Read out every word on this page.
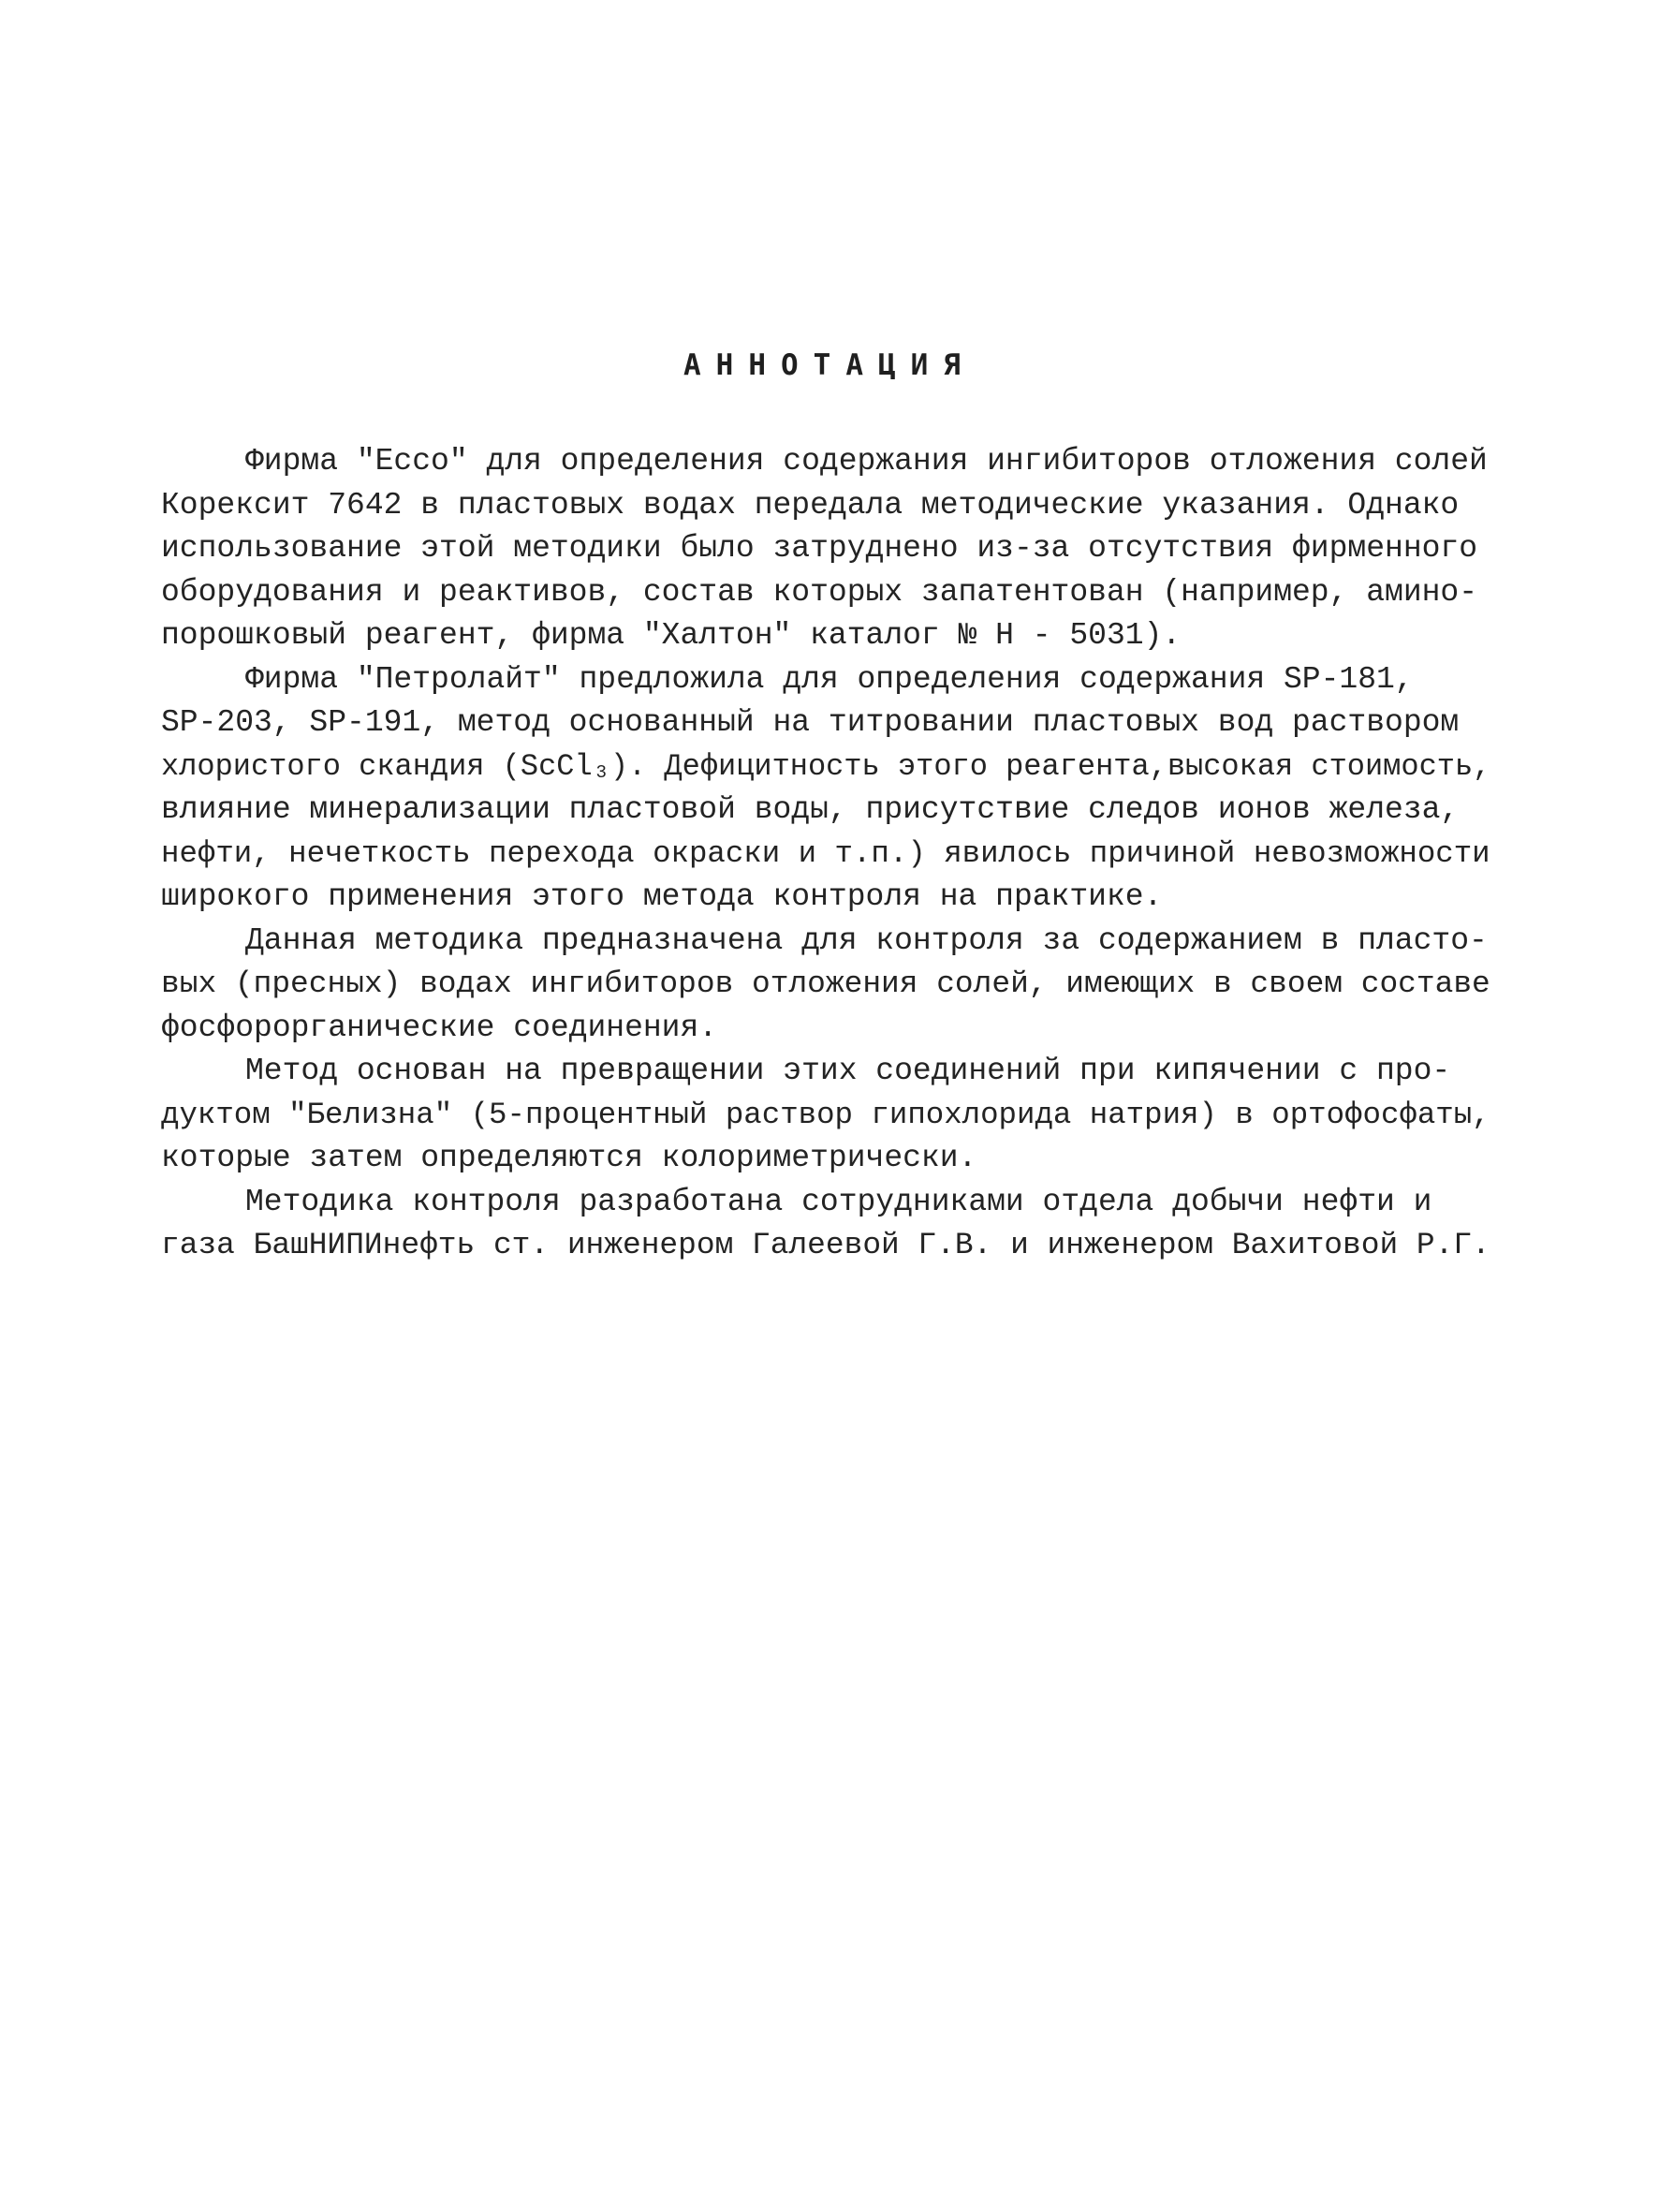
АННОТАЦИЯ
Фирма "Ессо" для определения содержания ингибиторов отложения солей
Корексит 7642 в пластовых водах передала методические указания. Однако
использование этой методики было затруднено из-за отсутствия фирменного
оборудования и реактивов, состав которых запатентован (например, амино-
порошковый реагент, фирма "Халтон" каталог № Н - 5031).
Фирма "Петролайт" предложила для определения содержания SP-181,
SP-203, SP-191, метод основанный на титровании пластовых вод раствором
хлористого скандия (ScCl₃). Дефицитность этого реагента,высокая стоимость,
влияние минерализации пластовой воды, присутствие следов ионов железа,
нефти, нечеткость перехода окраски и т.п.) явилось причиной невозможности
широкого применения этого метода контроля на практике.
Данная методика предназначена для контроля за содержанием в пласто-
вых (пресных) водах ингибиторов отложения солей, имеющих в своем составе
фосфорорганические соединения.
Метод основан на превращении этих соединений при кипячении с про-
дуктом "Белизна" (5-процентный раствор гипохлорида натрия) в ортофосфаты,
которые затем определяются колориметрически.
Методика контроля разработана сотрудниками отдела добычи нефти и
газа БашНИПИнефть ст. инженером Галеевой Г.В. и инженером Вахитовой Р.Г.
